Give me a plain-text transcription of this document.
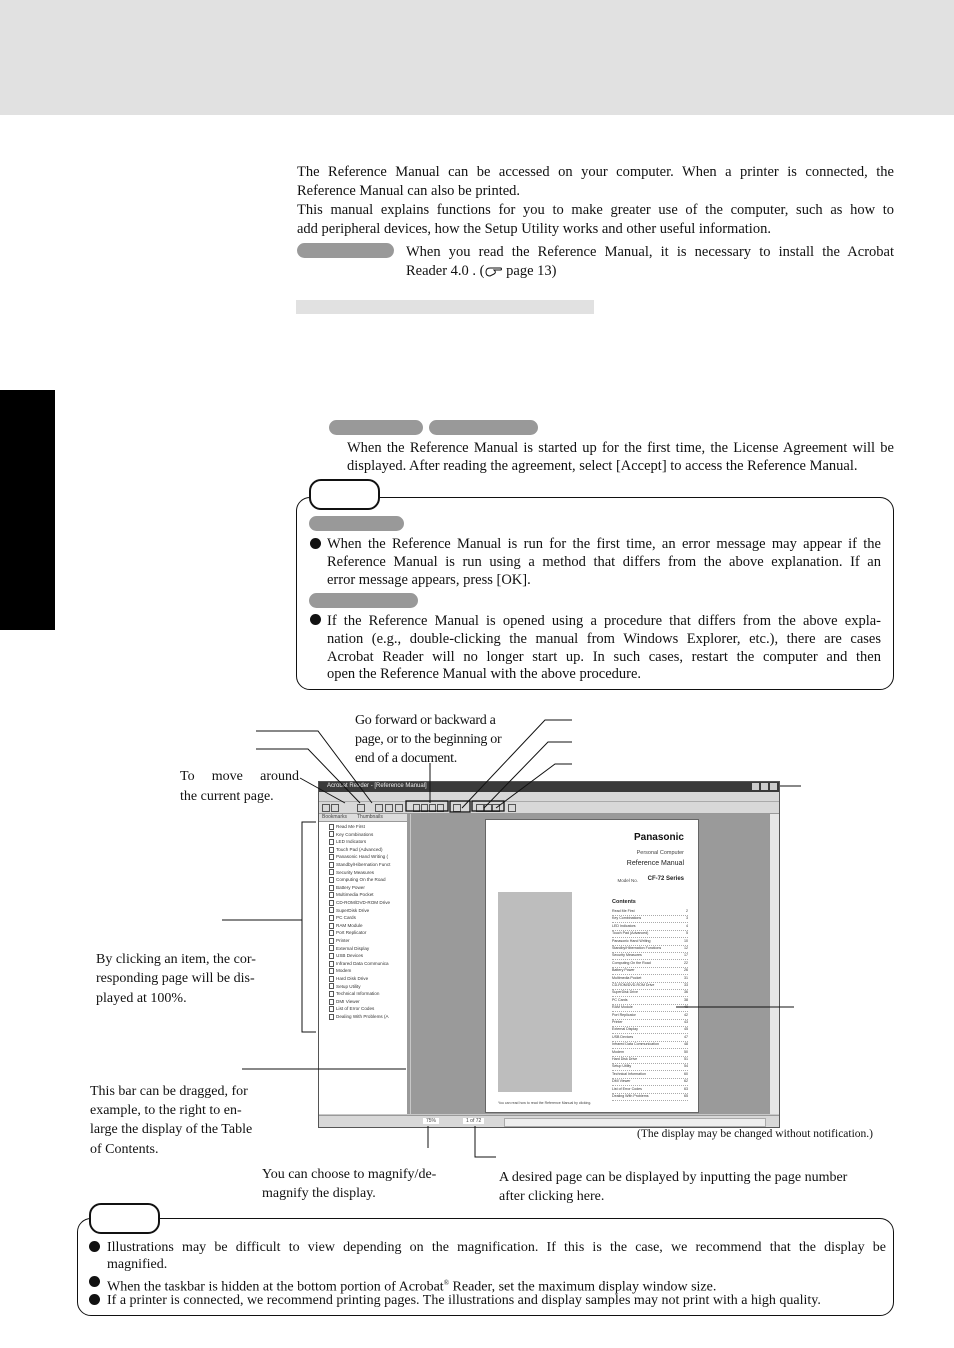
The Reference Manual can be accessed on your computer. When a printer is connected, the
Reference Manual can also be printed.
This manual explains functions for you to make greater use of the computer, such as how to
add peripheral devices, how the Setup Utility works and other useful information.
When you read the Reference Manual, it is necessary to install the Acrobat
Reader 4.0 . ( page 13)
When the Reference Manual is started up for the first time, the License Agreement will be
displayed. After reading the agreement, select [Accept] to access the Reference Manual.
When the Reference Manual is run for the first time, an error message may appear if the
Reference Manual is run using a method that differs from the above explanation. If an
error message appears, press [OK].
If the Reference Manual is opened using a procedure that differs from the above expla-
nation (e.g., double-clicking the manual from Windows Explorer, etc.), there are cases
Acrobat Reader will no longer start up. In such cases, restart the computer and then
open the Reference Manual with the above procedure.
Go forward or backward a
page, or to the beginning or
end of a document.
To move around
the current page.
By clicking an item, the cor-
responding page will be dis-
played at 100%.
This bar can be dragged, for
example, to the right to en-
large the display of the Table
of Contents.
You can choose to magnify/de-
magnify the display.
A desired page can be displayed by inputting the page number
after clicking here.
(The display may be changed without notification.)
Acrobat Reader - [Reference Manual]
Bookmarks Thumbnails
Read Me First
Key Combinations
LED Indicators
Touch Pad (Advanced)
Panasonic Hand Writing (
Standby/Hibernation Funct
Security Measures
Computing On the Road
Battery Power
Multimedia Pocket
CD-ROM/DVD-ROM Drive
SuperDisk Drive
PC Cards
RAM Module
Port Replicator
Printer
External Display
USB Devices
Infrared Data Communica
Modem
Hard Disk Drive
Setup Utility
Technical Information
DMI Viewer
List of Error Codes
Dealing With Problems (A
Panasonic
Personal Computer
Reference Manual
Model No. CF-72 Series
Contents
Read Me First	2
Key Combinations	3
LED Indicators	4
Touch Pad (Advanced)	5
Panasonic Hand Writing	10
Standby/Hibernation Functions	12
Security Measures	17
Computing On the Road	22
Battery Power	26
Multimedia Pocket	31
CD-ROM/DVD-ROM Drive	33
SuperDisk Drive	36
PC Cards	38
RAM Module	40
Port Replicator	42
Printer	43
External Display	45
USB Devices	47
Infrared Data Communication	48
Modem	50
Hard Disk Drive	51
Setup Utility	54
Technical Information	60
DMI Viewer	62
List of Error Codes	63
Dealing With Problems	65
You can read how to read the Reference Manual by clicking.
75%	1 of 72
Illustrations may be difficult to view depending on the magnification. If this is the case, we recommend that the display be
magnified.
When the taskbar is hidden at the bottom portion of Acrobat® Reader, set the maximum display window size.
If a printer is connected, we recommend printing pages. The illustrations and display samples may not print with a high quality.
